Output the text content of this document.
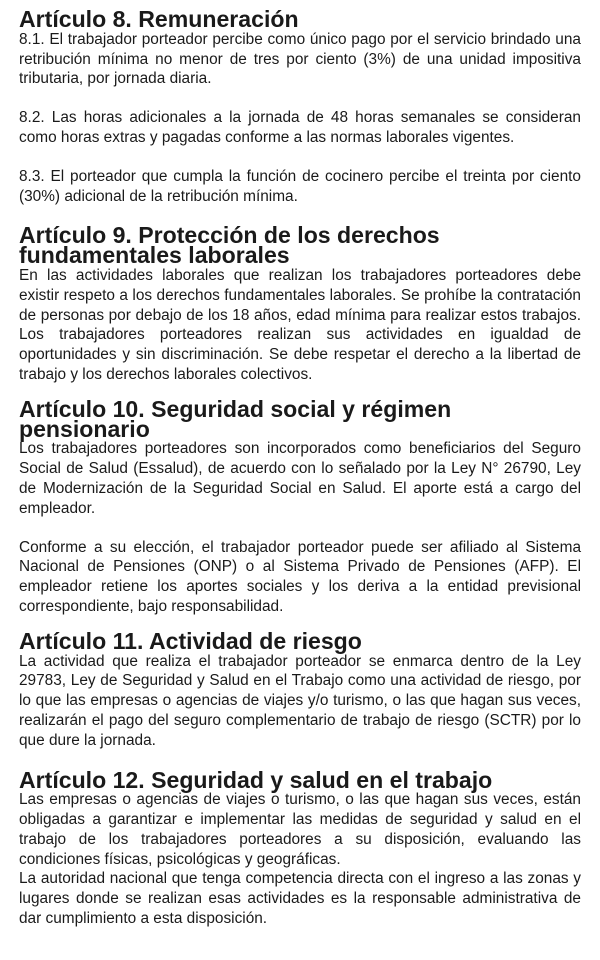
Artículo 8. Remuneración

8.1. El trabajador porteador percibe como único pago por el servicio brindado una retribución mínima no menor de tres por ciento (3%) de una unidad impositiva tributaria, por jornada diaria.

8.2. Las horas adicionales a la jornada de 48 horas semanales se consideran como horas extras y pagadas conforme a las normas laborales vigentes.

8.3. El porteador que cumpla la función de cocinero percibe el treinta por ciento (30%) adicional de la retribución mínima.

Artículo 9. Protección de los derechos fundamentales laborales

En las actividades laborales que realizan los trabajadores porteadores debe existir respeto a los derechos fundamentales laborales. Se prohíbe la contratación de personas por debajo de los 18 años, edad mínima para realizar estos trabajos. Los trabajadores porteadores realizan sus actividades en igualdad de oportunidades y sin discriminación. Se debe respetar el derecho a la libertad de trabajo y los derechos laborales colectivos.

Artículo 10. Seguridad social y régimen pensionario

Los trabajadores porteadores son incorporados como beneficiarios del Seguro Social de Salud (Essalud), de acuerdo con lo señalado por la Ley N° 26790, Ley de Modernización de la Seguridad Social en Salud. El aporte está a cargo del empleador.

Conforme a su elección, el trabajador porteador puede ser afiliado al Sistema Nacional de Pensiones (ONP) o al Sistema Privado de Pensiones (AFP). El empleador retiene los aportes sociales y los deriva a la entidad previsional correspondiente, bajo responsabilidad.

Artículo 11. Actividad de riesgo

La actividad que realiza el trabajador porteador se enmarca dentro de la Ley 29783, Ley de Seguridad y Salud en el Trabajo como una actividad de riesgo, por lo que las empresas o agencias de viajes y/o turismo, o las que hagan sus veces, realizarán el pago del seguro complementario de trabajo de riesgo (SCTR) por lo que dure la jornada.

Artículo 12. Seguridad y salud en el trabajo

Las empresas o agencias de viajes o turismo, o las que hagan sus veces, están obligadas a garantizar e implementar las medidas de seguridad y salud en el trabajo de los trabajadores porteadores a su disposición, evaluando las condiciones físicas, psicológicas y geográficas.

La autoridad nacional que tenga competencia directa con el ingreso a las zonas y lugares donde se realizan esas actividades es la responsable administrativa de dar cumplimiento a esta disposición.
